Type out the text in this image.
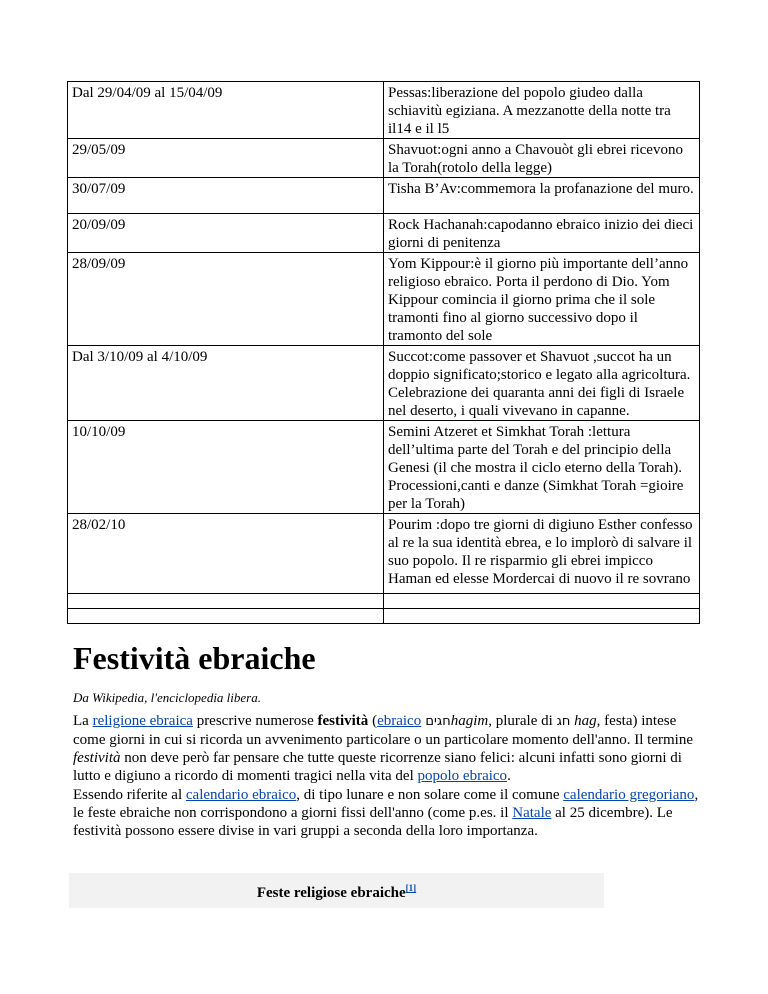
Dal 29/04/09 al 15/04/09	Pessas:liberazione del popolo giudeo dalla schiavitù egiziana. A mezzanotte della notte tra il14 e il l5
29/05/09	Shavuot:ogni anno a Chavouòt gli ebrei ricevono la Torah(rotolo della legge)
30/07/09	Tisha B’Av:commemora la profanazione del muro.
20/09/09	Rock Hachanah:capodanno ebraico inizio dei dieci giorni di penitenza
28/09/09	Yom Kippour:è il giorno più importante dell’anno religioso ebraico. Porta il perdono di Dio. Yom Kippour comincia il giorno prima che il sole tramonti fino al giorno successivo dopo il tramonto del sole
Dal 3/10/09 al 4/10/09	Succot:come passover et Shavuot ,succot ha un doppio significato;storico e legato alla agricoltura. Celebrazione dei quaranta anni dei figli di Israele nel deserto, i quali vivevano in capanne.
10/10/09	Semini Atzeret et Simkhat Torah :lettura dell’ultima parte del Torah e del principio della Genesi (il che mostra il ciclo eterno della Torah). Processioni,canti e danze (Simkhat Torah =gioire per la Torah)
28/02/10	Pourim :dopo tre giorni di digiuno Esther confesso al re la sua identità ebrea, e lo implorò di salvare il suo popolo. Il re risparmio gli ebrei impicco Haman ed elesse Mordercai di nuovo il re sovrano

Festività ebraiche
Da Wikipedia, l'enciclopedia libera.

La religione ebraica prescrive numerose festività (ebraico חגיםhagim, plurale di חג hag, festa) intese come giorni in cui si ricorda un avvenimento particolare o un particolare momento dell'anno. Il termine festività non deve però far pensare che tutte queste ricorrenze siano felici: alcuni infatti sono giorni di lutto e digiuno a ricordo di momenti tragici nella vita del popolo ebraico.

Essendo riferite al calendario ebraico, di tipo lunare e non solare come il comune calendario gregoriano, le feste ebraiche non corrispondono a giorni fissi dell'anno (come p.es. il Natale al 25 dicembre). Le festività possono essere divise in vari gruppi a seconda della loro importanza.

Feste religiose ebraiche[1]
